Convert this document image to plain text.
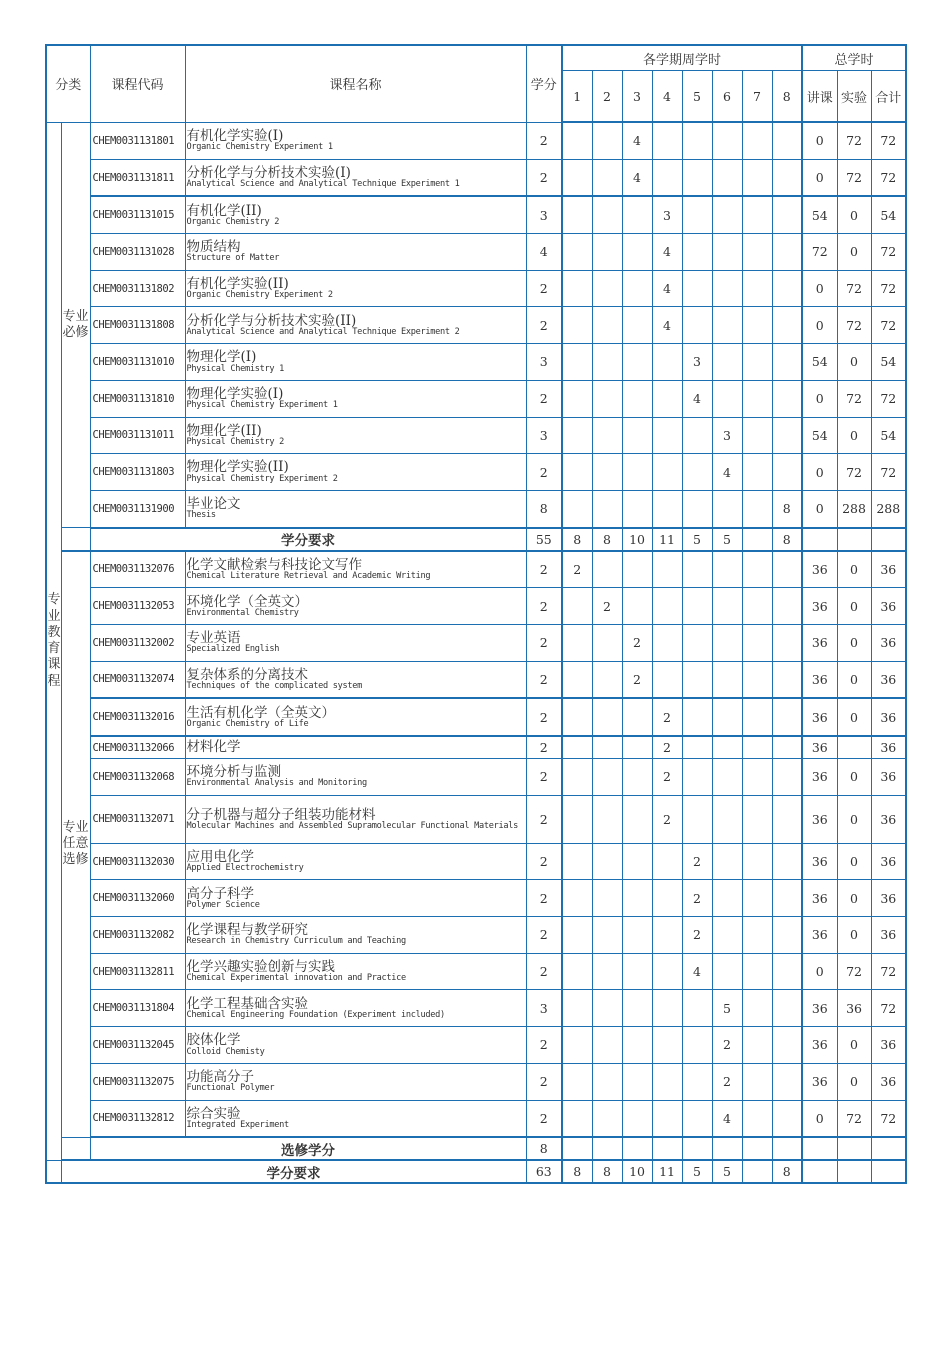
分类		课程代码	课程名称	学分	各学期周学时								总学时		
					1	2	3	4	5	6	7	8	讲课	实验	合计
专业教育课程	专业必修	CHEM0031131801	有机化学实验(I)
Organic Chemistry Experiment 1	2			4						0	72	72
		CHEM0031131811	分析化学与分析技术实验(I)
Analytical Science and Analytical Technique Experiment 1	2			4						0	72	72
		CHEM0031131015	有机化学(II)
Organic Chemistry 2	3				3					54	0	54
		CHEM0031131028	物质结构
Structure of Matter	4				4					72	0	72
		CHEM0031131802	有机化学实验(II)
Organic Chemistry Experiment 2	2				4					0	72	72
		CHEM0031131808	分析化学与分析技术实验(II)
Analytical Science and Analytical Technique Experiment 2	2				4					0	72	72
		CHEM0031131010	物理化学(I)
Physical Chemistry 1	3					3				54	0	54
		CHEM0031131810	物理化学实验(I)
Physical Chemistry Experiment 1	2					4				0	72	72
		CHEM0031131011	物理化学(II)
Physical Chemistry 2	3						3			54	0	54
		CHEM0031131803	物理化学实验(II)
Physical Chemistry Experiment 2	2						4			0	72	72
		CHEM0031131900	毕业论文
Thesis	8								8	0	288	288
		学分要求		55	8	8	10	11	5	5		8			
	专业任意选修	CHEM0031132076	化学文献检索与科技论文写作
Chemical Literature Retrieval and Academic Writing	2	2								36	0	36
		CHEM0031132053	环境化学（全英文）
Environmental Chemistry	2		2							36	0	36
		CHEM0031132002	专业英语
Specialized English	2			2						36	0	36
		CHEM0031132074	复杂体系的分离技术
Techniques of the complicated system	2			2						36	0	36
		CHEM0031132016	生活有机化学（全英文）
Organic Chemistry of Life	2				2					36	0	36
		CHEM0031132066	材料化学	2				2					36		36
		CHEM0031132068	环境分析与监测
Environmental Analysis and Monitoring	2				2					36	0	36
		CHEM0031132071	分子机器与超分子组装功能材料
Molecular Machines and Assembled Supramolecular Functional Materials	2				2					36	0	36
		CHEM0031132030	应用电化学
Applied Electrochemistry	2					2				36	0	36
		CHEM0031132060	高分子科学
Polymer Science	2					2				36	0	36
		CHEM0031132082	化学课程与教学研究
Research in Chemistry Curriculum and Teaching	2					2				36	0	36
		CHEM0031132811	化学兴趣实验创新与实践
Chemical Experimental innovation and Practice	2					4				0	72	72
		CHEM0031131804	化学工程基础含实验
Chemical Engineering Foundation (Experiment included)	3						5			36	36	72
		CHEM0031132045	胶体化学
Colloid Chemisty	2						2			36	0	36
		CHEM0031132075	功能高分子
Functional Polymer	2						2			36	0	36
		CHEM0031132812	综合实验
Integrated Experiment	2						4			0	72	72
		选修学分		8											
	学分要求			63	8	8	10	11	5	5		8			
